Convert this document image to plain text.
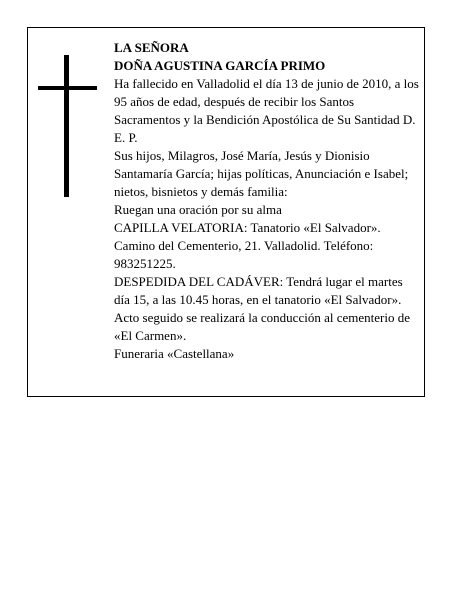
LA SEÑORA

DOÑA AGUSTINA GARCÍA PRIMO

Ha fallecido en Valladolid el día 13 de junio de 2010, a los 95 años de edad, después de recibir los Santos Sacramentos y la Bendición Apostólica de Su Santidad D. E. P.

Sus hijos, Milagros, José María, Jesús y Dionisio Santamaría García; hijas políticas, Anunciación e Isabel; nietos, bisnietos y demás familia:

Ruegan una oración por su alma

CAPILLA VELATORIA: Tanatorio «El Salvador». Camino del Cementerio, 21. Valladolid. Teléfono: 983251225.

DESPEDIDA DEL CADÁVER: Tendrá lugar el martes día 15, a las 10.45 horas, en el tanatorio «El Salvador». Acto seguido se realizará la conducción al cementerio de «El Carmen».

Funeraria «Castellana»
